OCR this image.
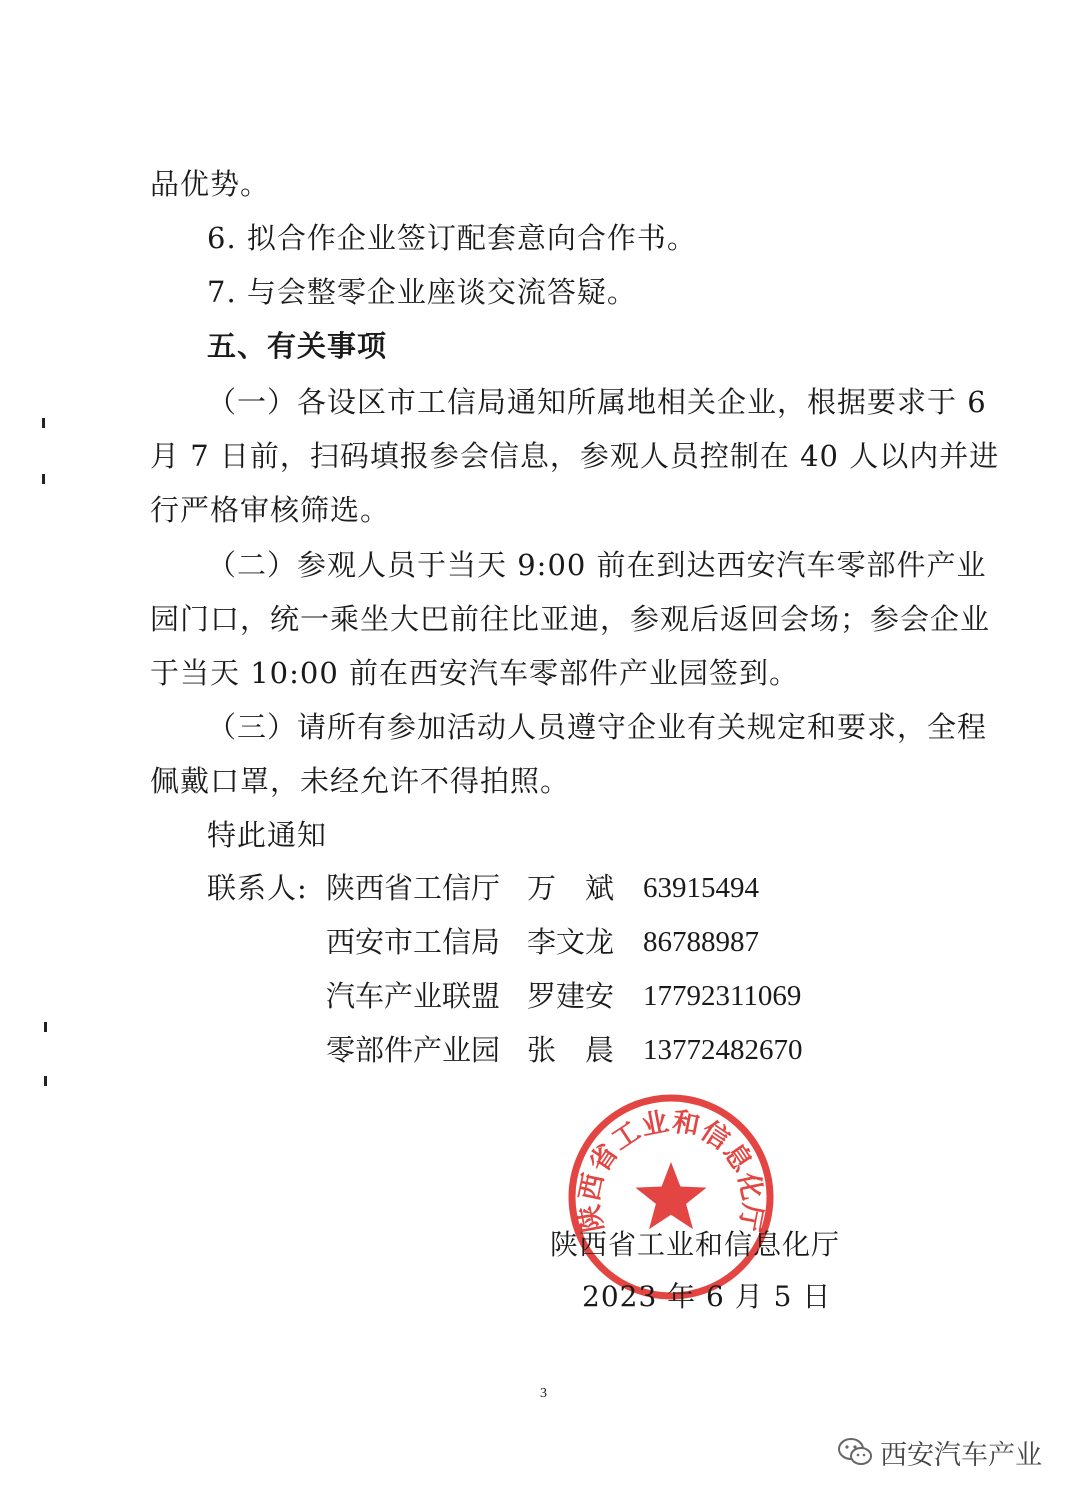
品优势。
6. 拟合作企业签订配套意向合作书。
7. 与会整零企业座谈交流答疑。
五、有关事项
（一）各设区市工信局通知所属地相关企业，根据要求于 6
月 7 日前，扫码填报参会信息，参观人员控制在 40 人以内并进
行严格审核筛选。
（二）参观人员于当天 9:00 前在到达西安汽车零部件产业
园门口，统一乘坐大巴前往比亚迪，参观后返回会场；参会企业
于当天 10:00 前在西安汽车零部件产业园签到。
（三）请所有参加活动人员遵守企业有关规定和要求，全程
佩戴口罩，未经允许不得拍照。
特此通知
联系人: 陕西省工信厅 万　斌 63915494
西安市工信局 李文龙 86788987
汽车产业联盟 罗建安 17792311069
零部件产业园 张　晨 13772482670
陕西省工业和信息化厅
陕西省工业和信息化厅
2023 年 6 月 5 日
3
西安汽车产业
